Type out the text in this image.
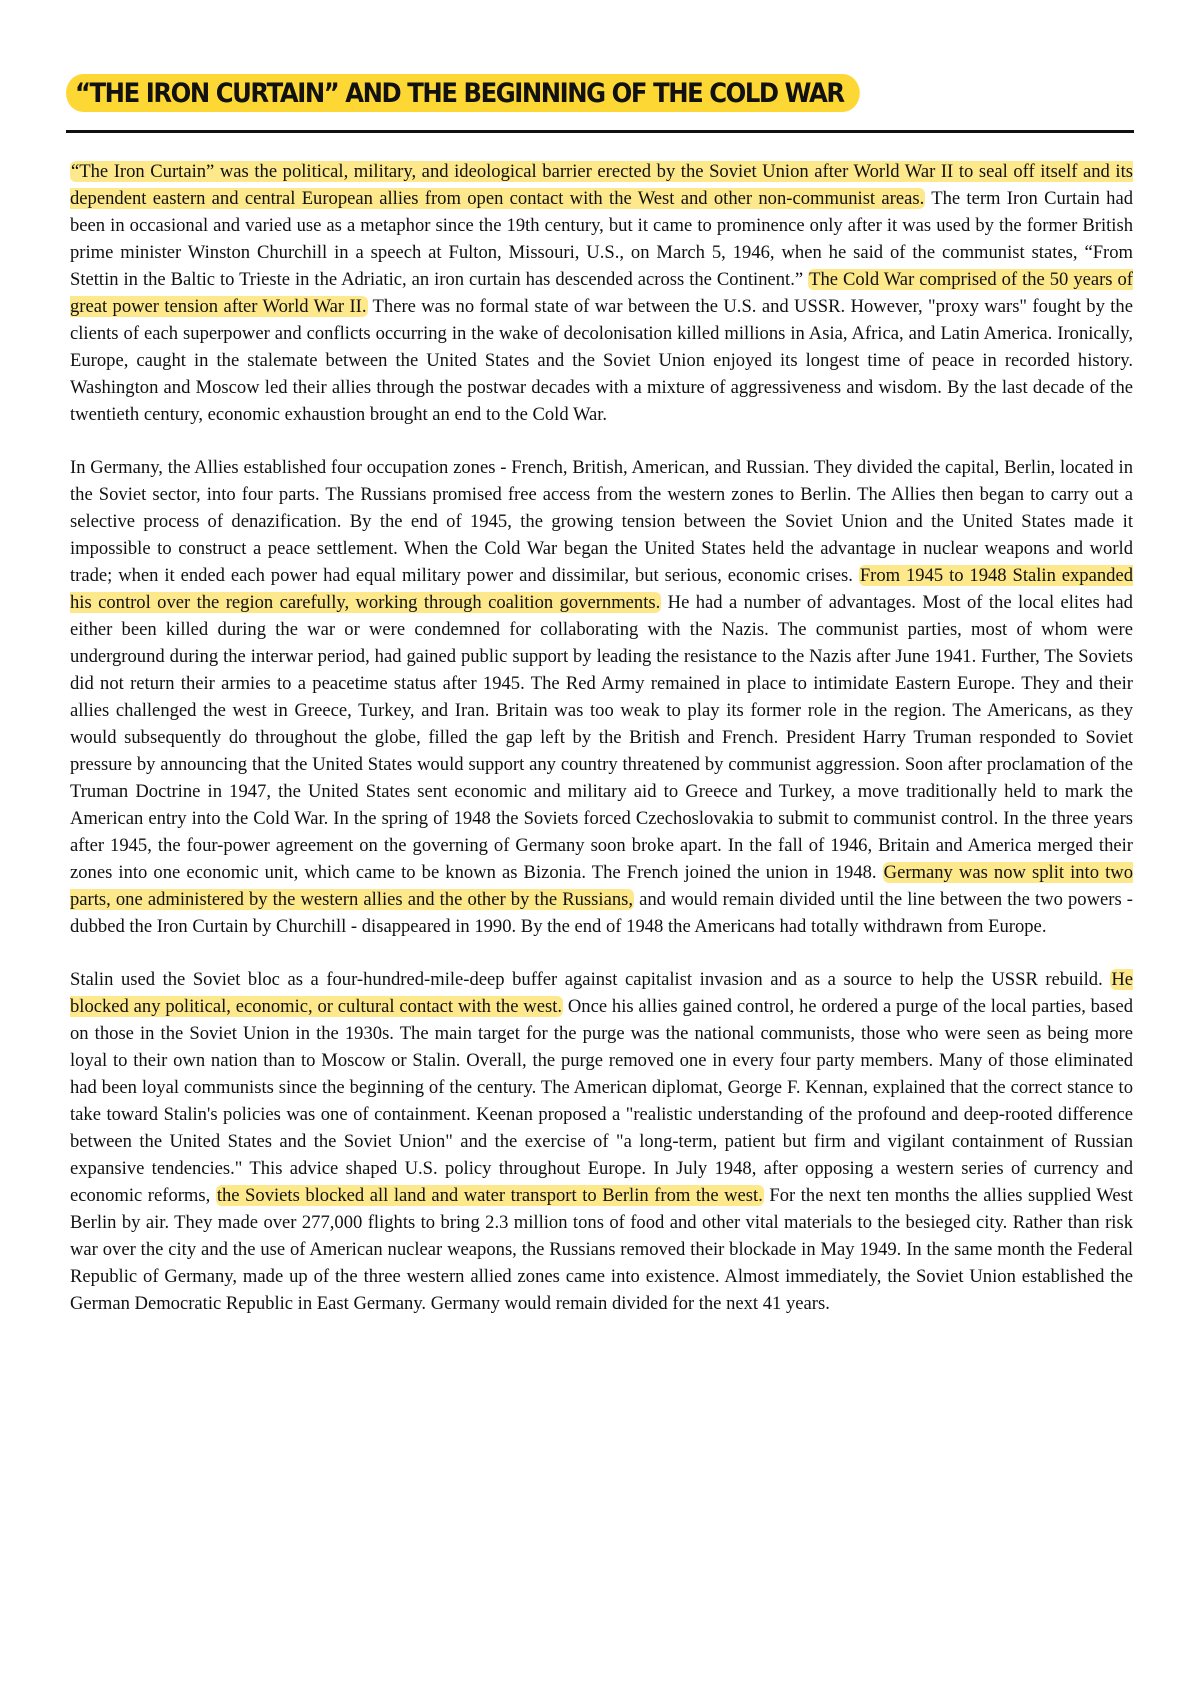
“THE IRON CURTAIN” AND THE BEGINNING OF THE COLD WAR

“The Iron Curtain” was the political, military, and ideological barrier erected by the Soviet Union after World War II to seal off itself and its dependent eastern and central European allies from open contact with the West and other non-communist areas. The term Iron Curtain had been in occasional and varied use as a metaphor since the 19th century, but it came to prominence only after it was used by the former British prime minister Winston Churchill in a speech at Fulton, Missouri, U.S., on March 5, 1946, when he said of the communist states, “From Stettin in the Baltic to Trieste in the Adriatic, an iron curtain has descended across the Continent.” The Cold War comprised of the 50 years of great power tension after World War II. There was no formal state of war between the U.S. and USSR. However, "proxy wars" fought by the clients of each superpower and conflicts occurring in the wake of decolonisation killed millions in Asia, Africa, and Latin America. Ironically, Europe, caught in the stalemate between the United States and the Soviet Union enjoyed its longest time of peace in recorded history. Washington and Moscow led their allies through the postwar decades with a mixture of aggressiveness and wisdom. By the last decade of the twentieth century, economic exhaustion brought an end to the Cold War.

In Germany, the Allies established four occupation zones - French, British, American, and Russian. They divided the capital, Berlin, located in the Soviet sector, into four parts. The Russians promised free access from the western zones to Berlin. The Allies then began to carry out a selective process of denazification. By the end of 1945, the growing tension between the Soviet Union and the United States made it impossible to construct a peace settlement. When the Cold War began the United States held the advantage in nuclear weapons and world trade; when it ended each power had equal military power and dissimilar, but serious, economic crises. From 1945 to 1948 Stalin expanded his control over the region carefully, working through coalition governments. He had a number of advantages. Most of the local elites had either been killed during the war or were condemned for collaborating with the Nazis. The communist parties, most of whom were underground during the interwar period, had gained public support by leading the resistance to the Nazis after June 1941. Further, The Soviets did not return their armies to a peacetime status after 1945. The Red Army remained in place to intimidate Eastern Europe. They and their allies challenged the west in Greece, Turkey, and Iran. Britain was too weak to play its former role in the region. The Americans, as they would subsequently do throughout the globe, filled the gap left by the British and French. President Harry Truman responded to Soviet pressure by announcing that the United States would support any country threatened by communist aggression. Soon after proclamation of the Truman Doctrine in 1947, the United States sent economic and military aid to Greece and Turkey, a move traditionally held to mark the American entry into the Cold War. In the spring of 1948 the Soviets forced Czechoslovakia to submit to communist control. In the three years after 1945, the four-power agreement on the governing of Germany soon broke apart. In the fall of 1946, Britain and America merged their zones into one economic unit, which came to be known as Bizonia. The French joined the union in 1948. Germany was now split into two parts, one administered by the western allies and the other by the Russians, and would remain divided until the line between the two powers - dubbed the Iron Curtain by Churchill - disappeared in 1990. By the end of 1948 the Americans had totally withdrawn from Europe.

Stalin used the Soviet bloc as a four-hundred-mile-deep buffer against capitalist invasion and as a source to help the USSR rebuild. He blocked any political, economic, or cultural contact with the west. Once his allies gained control, he ordered a purge of the local parties, based on those in the Soviet Union in the 1930s. The main target for the purge was the national communists, those who were seen as being more loyal to their own nation than to Moscow or Stalin. Overall, the purge removed one in every four party members. Many of those eliminated had been loyal communists since the beginning of the century. The American diplomat, George F. Kennan, explained that the correct stance to take toward Stalin's policies was one of containment. Keenan proposed a "realistic understanding of the profound and deep-rooted difference between the United States and the Soviet Union" and the exercise of "a long-term, patient but firm and vigilant containment of Russian expansive tendencies." This advice shaped U.S. policy throughout Europe. In July 1948, after opposing a western series of currency and economic reforms, the Soviets blocked all land and water transport to Berlin from the west. For the next ten months the allies supplied West Berlin by air. They made over 277,000 flights to bring 2.3 million tons of food and other vital materials to the besieged city. Rather than risk war over the city and the use of American nuclear weapons, the Russians removed their blockade in May 1949. In the same month the Federal Republic of Germany, made up of the three western allied zones came into existence. Almost immediately, the Soviet Union established the German Democratic Republic in East Germany. Germany would remain divided for the next 41 years.
